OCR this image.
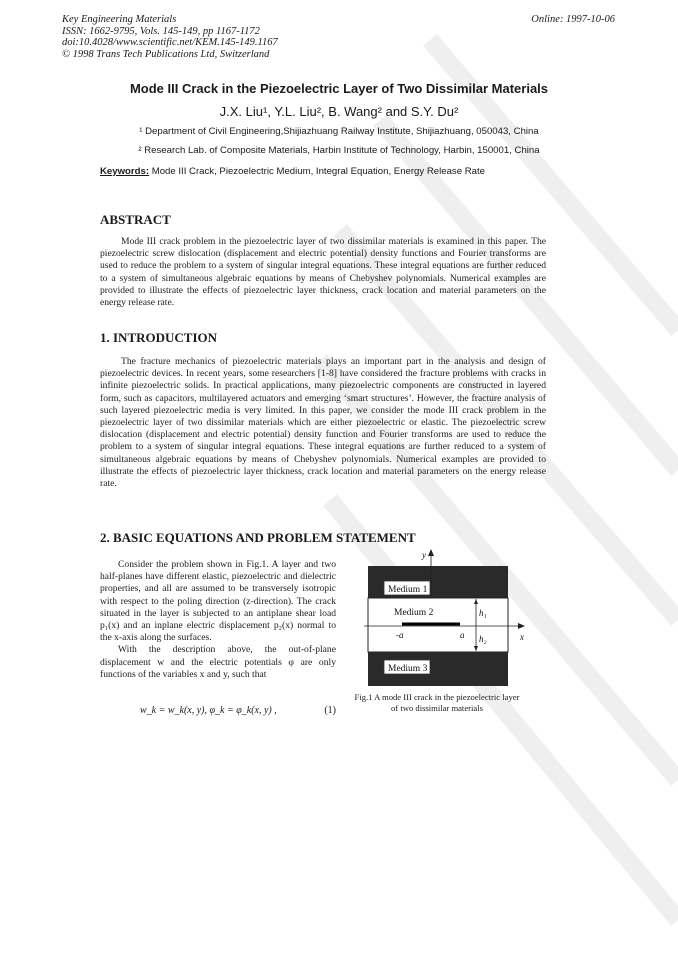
Key Engineering Materials
ISSN: 1662-9795, Vols. 145-149, pp 1167-1172
doi:10.4028/www.scientific.net/KEM.145-149.1167
© 1998 Trans Tech Publications Ltd, Switzerland
Online: 1997-10-06
Mode III Crack in the Piezoelectric Layer of Two Dissimilar Materials
J.X. Liu¹, Y.L. Liu², B. Wang² and S.Y. Du²
¹ Department of Civil Engineering,Shijiazhuang Railway Institute, Shijiazhuang, 050043, China
² Research Lab. of Composite Materials, Harbin Institute of Technology, Harbin, 150001, China
Keywords: Mode III Crack, Piezoelectric Medium, Integral Equation, Energy Release Rate
ABSTRACT
Mode III crack problem in the piezoelectric layer of two dissimilar materials is examined in this paper. The piezoelectric screw dislocation (displacement and electric potential) density functions and Fourier transforms are used to reduce the problem to a system of singular integral equations. These integral equations are further reduced to a system of simultaneous algebraic equations by means of Chebyshev polynomials. Numerical examples are provided to illustrate the effects of piezoelectric layer thickness, crack location and material parameters on the energy release rate.
1. INTRODUCTION
The fracture mechanics of piezoelectric materials plays an important part in the analysis and design of piezoelectric devices. In recent years, some researchers [1-8] have considered the fracture problems with cracks in infinite piezoelectric solids. In practical applications, many piezoelectric components are constructed in layered form, such as capacitors, multilayered actuators and emerging ‘smart structures’. However, the fracture analysis of such layered piezoelectric media is very limited. In this paper, we consider the mode III crack problem in the piezoelectric layer of two dissimilar materials which are either piezoelectric or elastic. The piezoelectric screw dislocation (displacement and electric potential) density function and Fourier transforms are used to reduce the problem to a system of singular integral equations. These integral equations are further reduced to a system of simultaneous algebraic equations by means of Chebyshev polynomials. Numerical examples are provided to illustrate the effects of piezoelectric layer thickness, crack location and material parameters on the energy release rate.
2. BASIC EQUATIONS AND PROBLEM STATEMENT

Consider the problem shown in Fig.1. A layer and two half-planes have different elastic, piezoelectric and dielectric properties, and all are assumed to be transversely isotropic with respect to the poling direction (z-direction). The crack situated in the layer is subjected to an antiplane shear load p₁(x) and an inplane electric displacement p₂(x) normal to the x-axis along the surfaces.

With the description above, the out-of-plane displacement w and the electric potentials φ are only functions of the variables x and y, such that

w_k = w_k(x, y), φ_k = φ_k(x, y) ,	(1)
Medium 1
Medium 2
Medium 3
x
y
-a	a
h₁
h₂
Fig.1 A mode III crack in the piezoelectric layer of two dissimilar materials
